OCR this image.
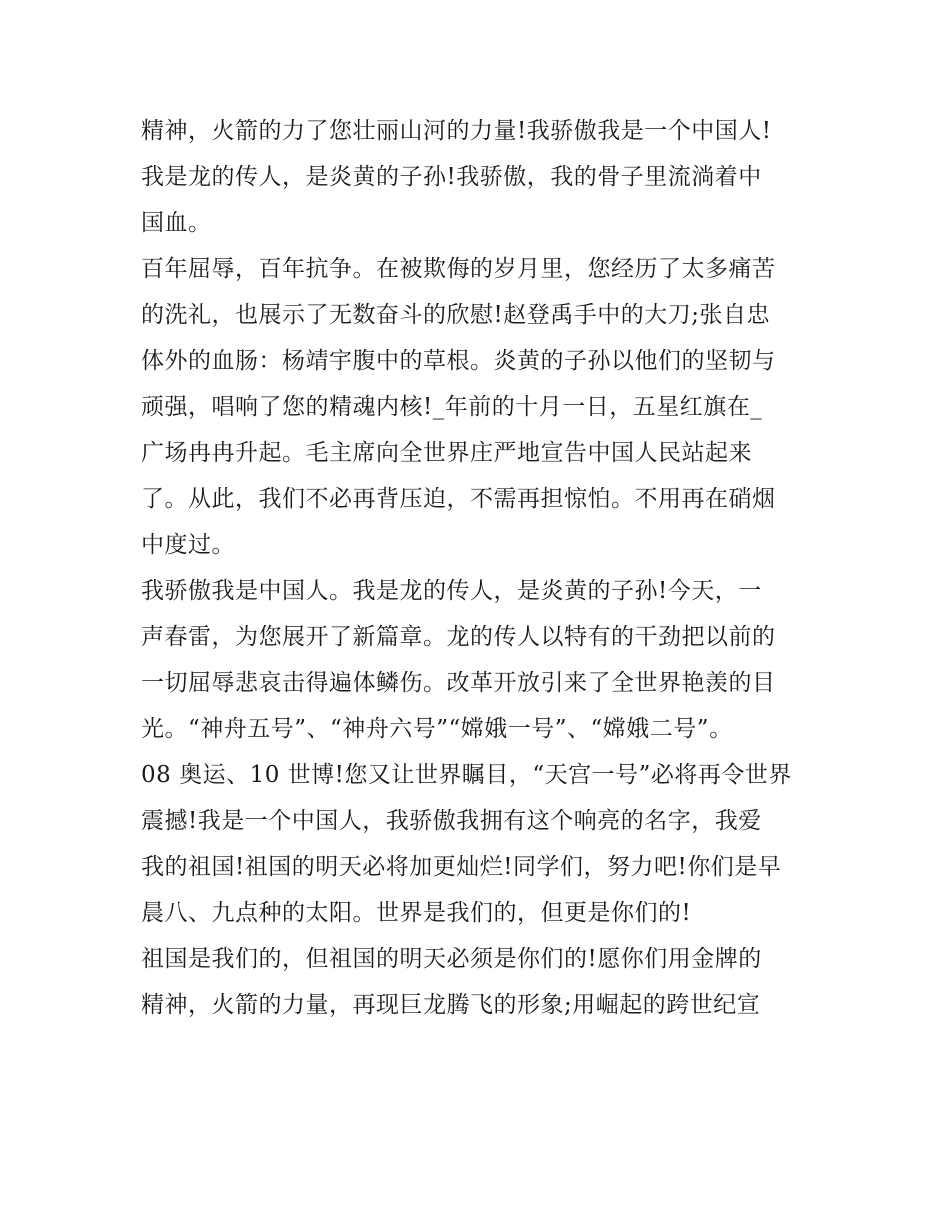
精神，火箭的力了您壮丽山河的力量!我骄傲我是一个中国人!
我是龙的传人，是炎黄的子孙!我骄傲，我的骨子里流淌着中
国血。
百年屈辱，百年抗争。在被欺侮的岁月里，您经历了太多痛苦
的洗礼，也展示了无数奋斗的欣慰!赵登禹手中的大刀;张自忠
体外的血肠：杨靖宇腹中的草根。炎黄的子孙以他们的坚韧与
顽强，唱响了您的精魂内核!_年前的十月一日，五星红旗在_
广场冉冉升起。毛主席向全世界庄严地宣告中国人民站起来
了。从此，我们不必再背压迫，不需再担惊怕。不用再在硝烟
中度过。
我骄傲我是中国人。我是龙的传人，是炎黄的子孙!今天，一
声春雷，为您展开了新篇章。龙的传人以特有的干劲把以前的
一切屈辱悲哀击得遍体鳞伤。改革开放引来了全世界艳羡的目
光。“神舟五号”、“神舟六号”“嫦娥一号”、“嫦娥二号”。
08 奥运、10 世博!您又让世界瞩目，“天宫一号”必将再令世界
震撼!我是一个中国人，我骄傲我拥有这个响亮的名字，我爱
我的祖国!祖国的明天必将加更灿烂!同学们，努力吧!你们是早
晨八、九点种的太阳。世界是我们的，但更是你们的!
祖国是我们的，但祖国的明天必须是你们的!愿你们用金牌的
精神，火箭的力量，再现巨龙腾飞的形象;用崛起的跨世纪宣
